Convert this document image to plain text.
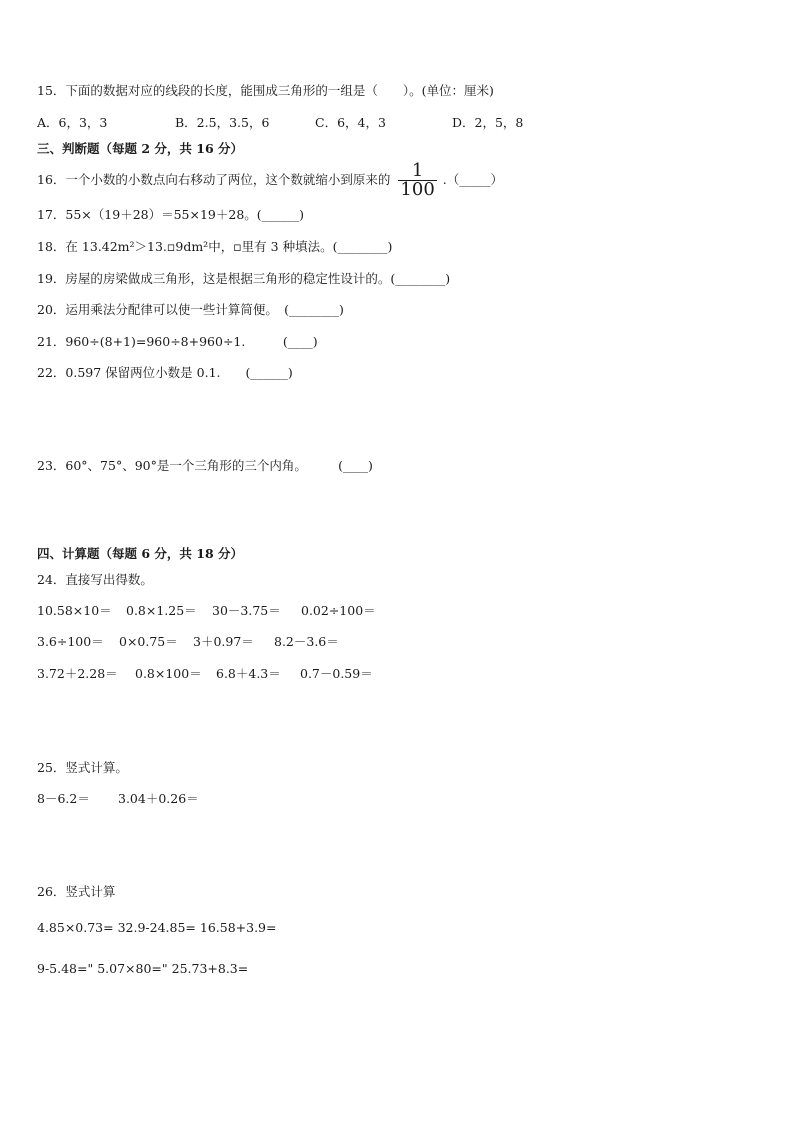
15．下面的数据对应的线段的长度，能围成三角形的一组是（　　）。(单位：厘米)
A．6，3，3	B．2.5，3.5，6	C．6，4，3	D．2，5，8
三、判断题（每题 2 分，共 16 分）
16．一个小数的小数点向右移动了两位，这个数就缩小到原来的 $\frac{1}{100}$ .（_____）
17．55×（19＋28）＝55×19＋28。(______)
18．在 13.42m²＞13.▫9dm²中，▫里有 3 种填法。(________)
19．房屋的房梁做成三角形，这是根据三角形的稳定性设计的。(________)
20．运用乘法分配律可以使一些计算简便。　(________)
21．960÷(8+1)=960÷8+960÷1.　　　(____)
22．0.597 保留两位小数是 0.1.　　(______)
23．60°、75°、90°是一个三角形的三个内角。　　　(____)
四、计算题（每题 6 分，共 18 分）
24．直接写出得数。
10.58×10＝ 0.8×1.25＝ 30－3.75＝ 0.02÷100＝
3.6÷100＝ 0×0.75＝ 3＋0.97＝ 8.2－3.6＝
3.72＋2.28＝ 0.8×100＝ 6.8＋4.3＝ 0.7－0.59＝
25．竖式计算。
8－6.2＝ 3.04＋0.26＝
26．竖式计算
4.85×0.73= 32.9-24.85= 16.58+3.9=
9-5.48=" 5.07×80=" 25.73+8.3=
